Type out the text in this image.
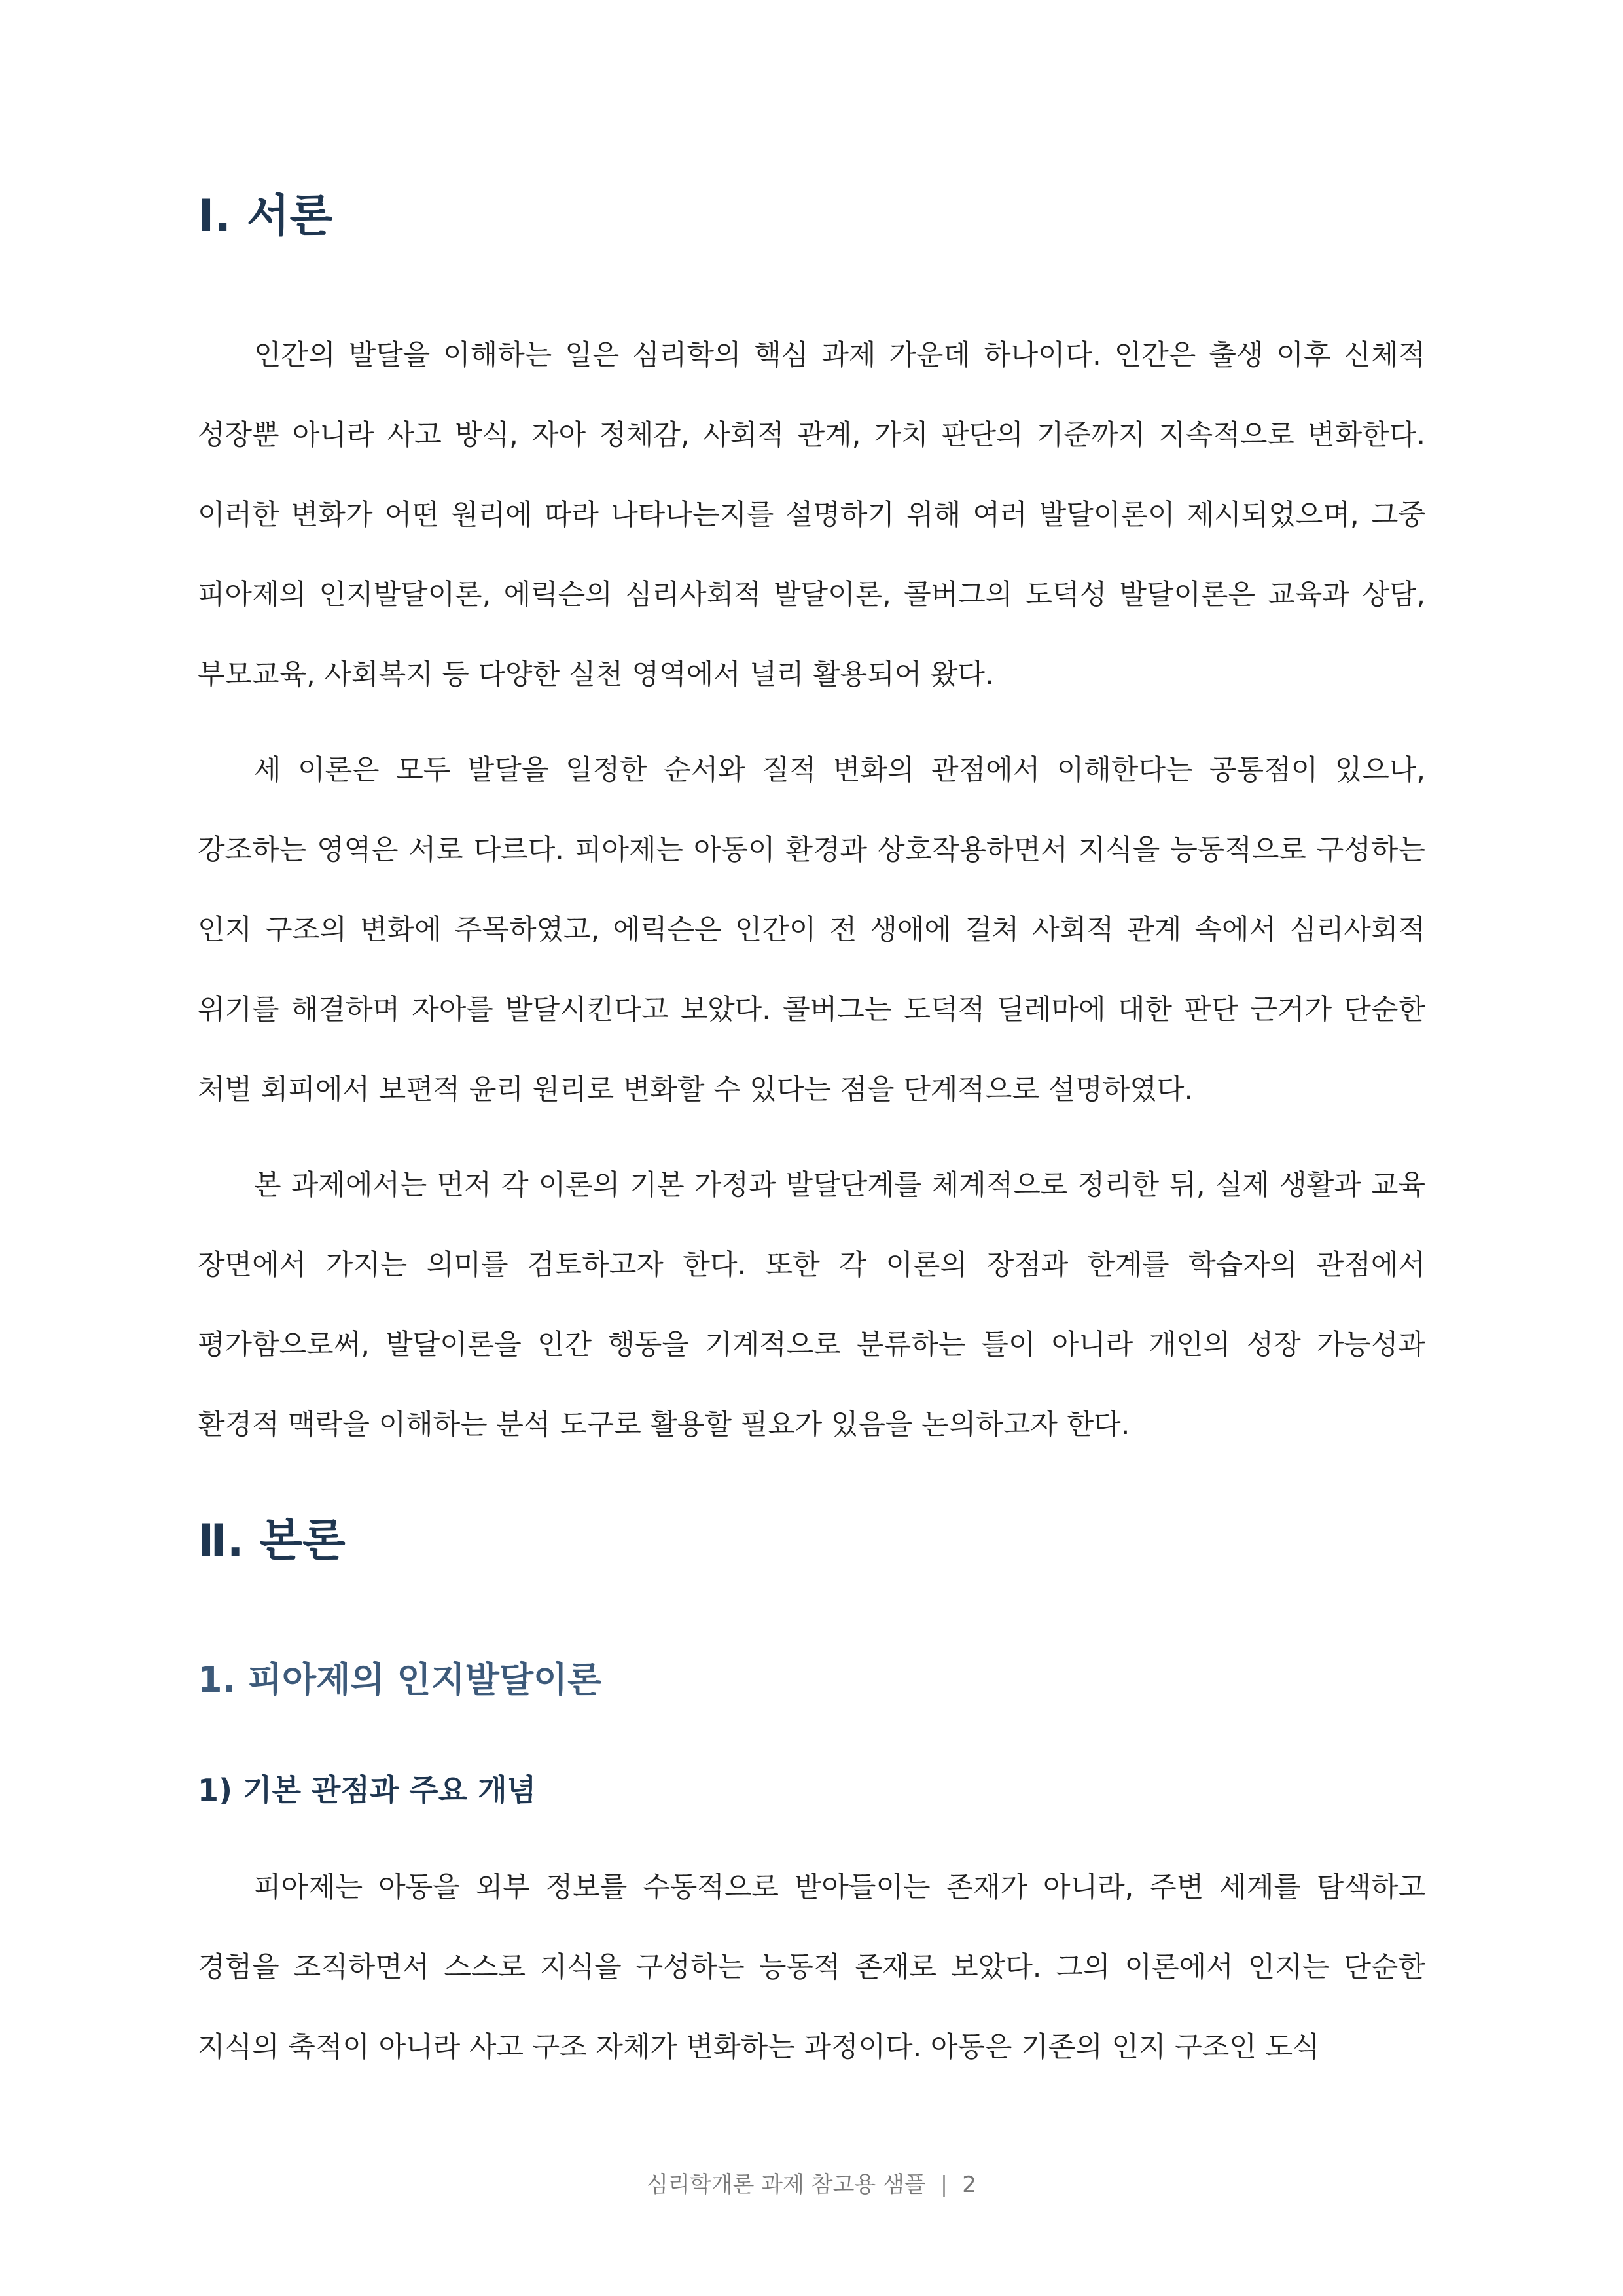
Ⅰ. 서론

인간의 발달을 이해하는 일은 심리학의 핵심 과제 가운데 하나이다. 인간은 출생 이후 신체적 성장뿐 아니라 사고 방식, 자아 정체감, 사회적 관계, 가치 판단의 기준까지 지속적으로 변화한다. 이러한 변화가 어떤 원리에 따라 나타나는지를 설명하기 위해 여러 발달이론이 제시되었으며, 그중 피아제의 인지발달이론, 에릭슨의 심리사회적 발달이론, 콜버그의 도덕성 발달이론은 교육과 상담, 부모교육, 사회복지 등 다양한 실천 영역에서 널리 활용되어 왔다.

세 이론은 모두 발달을 일정한 순서와 질적 변화의 관점에서 이해한다는 공통점이 있으나, 강조하는 영역은 서로 다르다. 피아제는 아동이 환경과 상호작용하면서 지식을 능동적으로 구성하는 인지 구조의 변화에 주목하였고, 에릭슨은 인간이 전 생애에 걸쳐 사회적 관계 속에서 심리사회적 위기를 해결하며 자아를 발달시킨다고 보았다. 콜버그는 도덕적 딜레마에 대한 판단 근거가 단순한 처벌 회피에서 보편적 윤리 원리로 변화할 수 있다는 점을 단계적으로 설명하였다.

본 과제에서는 먼저 각 이론의 기본 가정과 발달단계를 체계적으로 정리한 뒤, 실제 생활과 교육 장면에서 가지는 의미를 검토하고자 한다. 또한 각 이론의 장점과 한계를 학습자의 관점에서 평가함으로써, 발달이론을 인간 행동을 기계적으로 분류하는 틀이 아니라 개인의 성장 가능성과 환경적 맥락을 이해하는 분석 도구로 활용할 필요가 있음을 논의하고자 한다.

Ⅱ. 본론
1. 피아제의 인지발달이론
1) 기본 관점과 주요 개념

피아제는 아동을 외부 정보를 수동적으로 받아들이는 존재가 아니라, 주변 세계를 탐색하고 경험을 조직하면서 스스로 지식을 구성하는 능동적 존재로 보았다. 그의 이론에서 인지는 단순한 지식의 축적이 아니라 사고 구조 자체가 변화하는 과정이다. 아동은 기존의 인지 구조인 도식

심리학개론 과제 참고용 샘플 | 2
